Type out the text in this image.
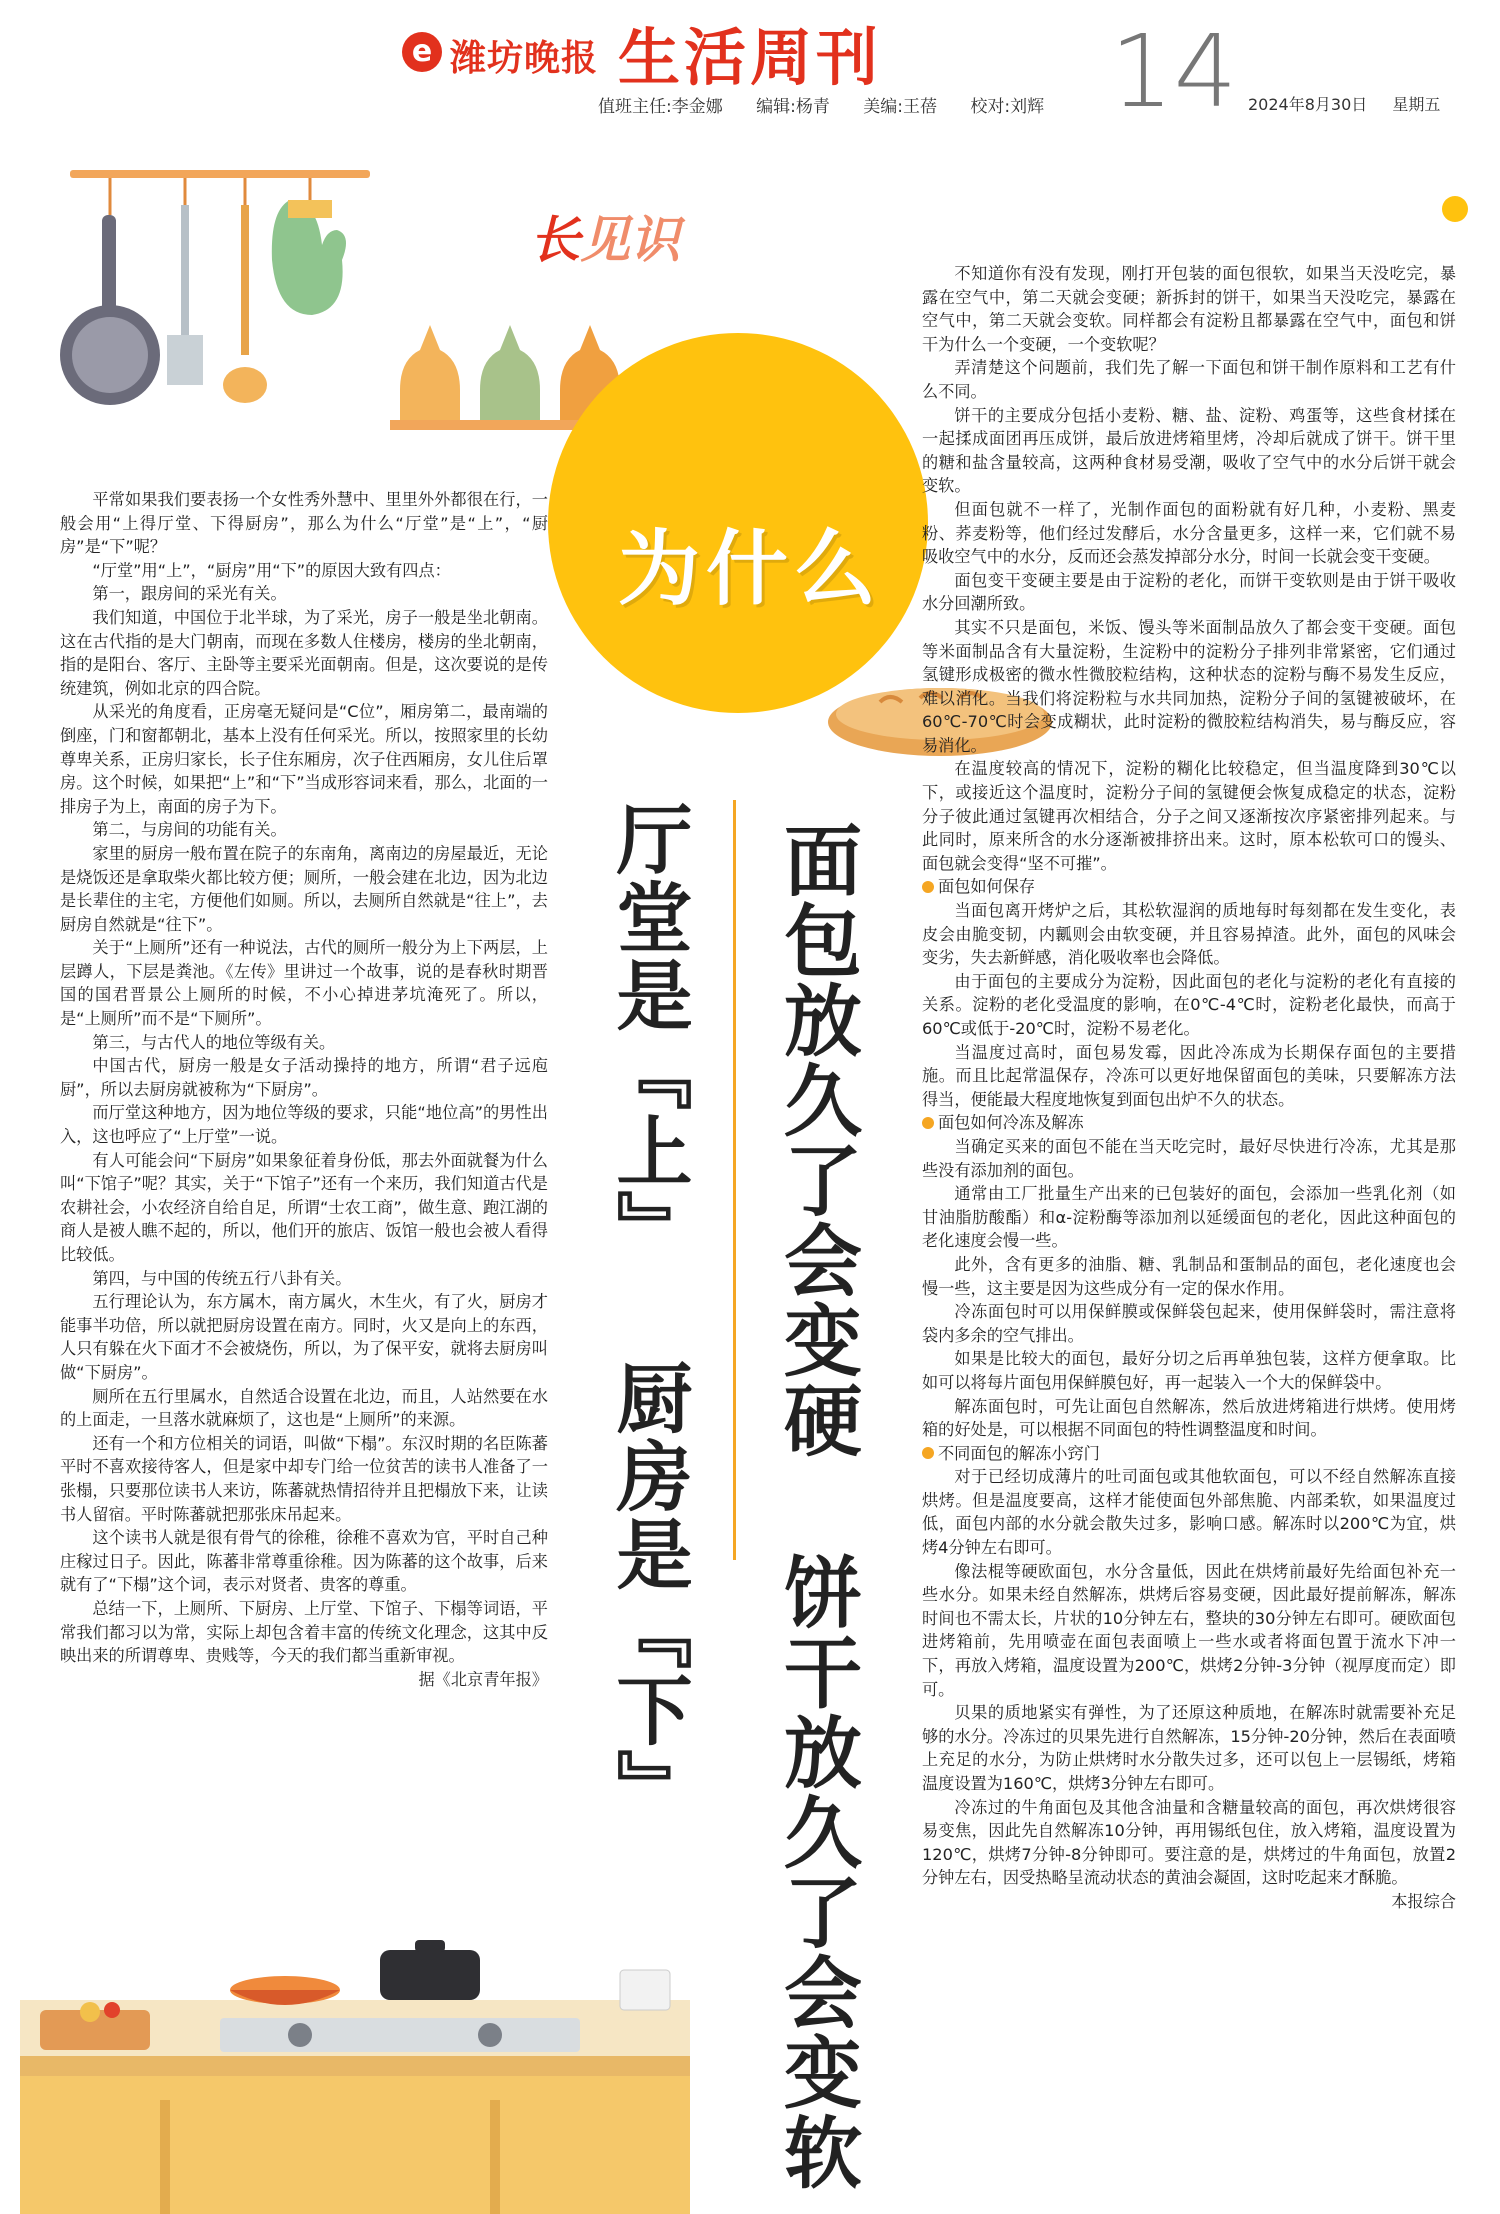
e 潍坊晚报 生活周刊 14
值班主任:李金娜 编辑:杨青 美编:王蓓 校对:刘辉	2024年8月30日 星期五
长见识
为什么
厅堂是『上』 厨房是『下』 面包放久了会变硬 饼干放久了会变软

平常如果我们要表扬一个女性秀外慧中、里里外外都很在行，一般会用“上得厅堂、下得厨房”，那么为什么“厅堂”是“上”，“厨房”是“下”呢？

“厅堂”用“上”，“厨房”用“下”的原因大致有四点：

第一，跟房间的采光有关。

我们知道，中国位于北半球，为了采光，房子一般是坐北朝南。这在古代指的是大门朝南，而现在多数人住楼房，楼房的坐北朝南，指的是阳台、客厅、主卧等主要采光面朝南。但是，这次要说的是传统建筑，例如北京的四合院。

从采光的角度看，正房毫无疑问是“C位”，厢房第二，最南端的倒座，门和窗都朝北，基本上没有任何采光。所以，按照家里的长幼尊卑关系，正房归家长，长子住东厢房，次子住西厢房，女儿住后罩房。这个时候，如果把“上”和“下”当成形容词来看，那么，北面的一排房子为上，南面的房子为下。

第二，与房间的功能有关。

家里的厨房一般布置在院子的东南角，离南边的房屋最近，无论是烧饭还是拿取柴火都比较方便；厕所，一般会建在北边，因为北边是长辈住的主宅，方便他们如厕。所以，去厕所自然就是“往上”，去厨房自然就是“往下”。

关于“上厕所”还有一种说法，古代的厕所一般分为上下两层，上层蹲人，下层是粪池。《左传》里讲过一个故事，说的是春秋时期晋国的国君晋景公上厕所的时候，不小心掉进茅坑淹死了。所以，是“上厕所”而不是“下厕所”。

第三，与古代人的地位等级有关。

中国古代，厨房一般是女子活动操持的地方，所谓“君子远庖厨”，所以去厨房就被称为“下厨房”。

而厅堂这种地方，因为地位等级的要求，只能“地位高”的男性出入，这也呼应了“上厅堂”一说。

有人可能会问“下厨房”如果象征着身份低，那去外面就餐为什么叫“下馆子”呢？其实，关于“下馆子”还有一个来历，我们知道古代是农耕社会，小农经济自给自足，所谓“士农工商”，做生意、跑江湖的商人是被人瞧不起的，所以，他们开的旅店、饭馆一般也会被人看得比较低。

第四，与中国的传统五行八卦有关。

五行理论认为，东方属木，南方属火，木生火，有了火，厨房才能事半功倍，所以就把厨房设置在南方。同时，火又是向上的东西，人只有躲在火下面才不会被烧伤，所以，为了保平安，就将去厨房叫做“下厨房”。

厕所在五行里属水，自然适合设置在北边，而且，人站然要在水的上面走，一旦落水就麻烦了，这也是“上厕所”的来源。

还有一个和方位相关的词语，叫做“下榻”。东汉时期的名臣陈蕃平时不喜欢接待客人，但是家中却专门给一位贫苦的读书人准备了一张榻，只要那位读书人来访，陈蕃就热情招待并且把榻放下来，让读书人留宿。平时陈蕃就把那张床吊起来。

这个读书人就是很有骨气的徐稚，徐稚不喜欢为官，平时自己种庄稼过日子。因此，陈蕃非常尊重徐稚。因为陈蕃的这个故事，后来就有了“下榻”这个词，表示对贤者、贵客的尊重。

总结一下，上厕所、下厨房、上厅堂、下馆子、下榻等词语，平常我们都习以为常，实际上却包含着丰富的传统文化理念，这其中反映出来的所谓尊卑、贵贱等，今天的我们都当重新审视。

据《北京青年报》

不知道你有没有发现，刚打开包装的面包很软，如果当天没吃完，暴露在空气中，第二天就会变硬；新拆封的饼干，如果当天没吃完，暴露在空气中，第二天就会变软。同样都会有淀粉且都暴露在空气中，面包和饼干为什么一个变硬，一个变软呢？

弄清楚这个问题前，我们先了解一下面包和饼干制作原料和工艺有什么不同。

饼干的主要成分包括小麦粉、糖、盐、淀粉、鸡蛋等，这些食材揉在一起揉成面团再压成饼，最后放进烤箱里烤，冷却后就成了饼干。饼干里的糖和盐含量较高，这两种食材易受潮，吸收了空气中的水分后饼干就会变软。

但面包就不一样了，光制作面包的面粉就有好几种，小麦粉、黑麦粉、荞麦粉等，他们经过发酵后，水分含量更多，这样一来，它们就不易吸收空气中的水分，反而还会蒸发掉部分水分，时间一长就会变干变硬。

面包变干变硬主要是由于淀粉的老化，而饼干变软则是由于饼干吸收水分回潮所致。

其实不只是面包，米饭、馒头等米面制品放久了都会变干变硬。面包等米面制品含有大量淀粉，生淀粉中的淀粉分子排列非常紧密，它们通过氢键形成极密的微水性微胶粒结构，这种状态的淀粉与酶不易发生反应，难以消化。当我们将淀粉粒与水共同加热，淀粉分子间的氢键被破坏，在60℃-70℃时会变成糊状，此时淀粉的微胶粒结构消失，易与酶反应，容易消化。

在温度较高的情况下，淀粉的糊化比较稳定，但当温度降到30℃以下，或接近这个温度时，淀粉分子间的氢键便会恢复成稳定的状态，淀粉分子彼此通过氢键再次相结合，分子之间又逐渐按次序紧密排列起来。与此同时，原来所含的水分逐渐被排挤出来。这时，原本松软可口的馒头、面包就会变得“坚不可摧”。

面包如何保存

当面包离开烤炉之后，其松软湿润的质地每时每刻都在发生变化，表皮会由脆变韧，内瓤则会由软变硬，并且容易掉渣。此外，面包的风味会变劣，失去新鲜感，消化吸收率也会降低。

由于面包的主要成分为淀粉，因此面包的老化与淀粉的老化有直接的关系。淀粉的老化受温度的影响，在0℃-4℃时，淀粉老化最快，而高于60℃或低于-20℃时，淀粉不易老化。

当温度过高时，面包易发霉，因此冷冻成为长期保存面包的主要措施。而且比起常温保存，冷冻可以更好地保留面包的美味，只要解冻方法得当，便能最大程度地恢复到面包出炉不久的状态。

面包如何冷冻及解冻

当确定买来的面包不能在当天吃完时，最好尽快进行冷冻，尤其是那些没有添加剂的面包。

通常由工厂批量生产出来的已包装好的面包，会添加一些乳化剂（如甘油脂肪酸酯）和α-淀粉酶等添加剂以延缓面包的老化，因此这种面包的老化速度会慢一些。

此外，含有更多的油脂、糖、乳制品和蛋制品的面包，老化速度也会慢一些，这主要是因为这些成分有一定的保水作用。

冷冻面包时可以用保鲜膜或保鲜袋包起来，使用保鲜袋时，需注意将袋内多余的空气排出。

如果是比较大的面包，最好分切之后再单独包装，这样方便拿取。比如可以将每片面包用保鲜膜包好，再一起装入一个大的保鲜袋中。

解冻面包时，可先让面包自然解冻，然后放进烤箱进行烘烤。使用烤箱的好处是，可以根据不同面包的特性调整温度和时间。

不同面包的解冻小窍门

对于已经切成薄片的吐司面包或其他软面包，可以不经自然解冻直接烘烤。但是温度要高，这样才能使面包外部焦脆、内部柔软，如果温度过低，面包内部的水分就会散失过多，影响口感。解冻时以200℃为宜，烘烤4分钟左右即可。

像法棍等硬欧面包，水分含量低，因此在烘烤前最好先给面包补充一些水分。如果未经自然解冻，烘烤后容易变硬，因此最好提前解冻，解冻时间也不需太长，片状的10分钟左右，整块的30分钟左右即可。硬欧面包进烤箱前，先用喷壶在面包表面喷上一些水或者将面包置于流水下冲一下，再放入烤箱，温度设置为200℃，烘烤2分钟-3分钟（视厚度而定）即可。

贝果的质地紧实有弹性，为了还原这种质地，在解冻时就需要补充足够的水分。冷冻过的贝果先进行自然解冻，15分钟-20分钟，然后在表面喷上充足的水分，为防止烘烤时水分散失过多，还可以包上一层锡纸，烤箱温度设置为160℃，烘烤3分钟左右即可。

冷冻过的牛角面包及其他含油量和含糖量较高的面包，再次烘烤很容易变焦，因此先自然解冻10分钟，再用锡纸包住，放入烤箱，温度设置为120℃，烘烤7分钟-8分钟即可。要注意的是，烘烤过的牛角面包，放置2分钟左右，因受热略呈流动状态的黄油会凝固，这时吃起来才酥脆。

本报综合
